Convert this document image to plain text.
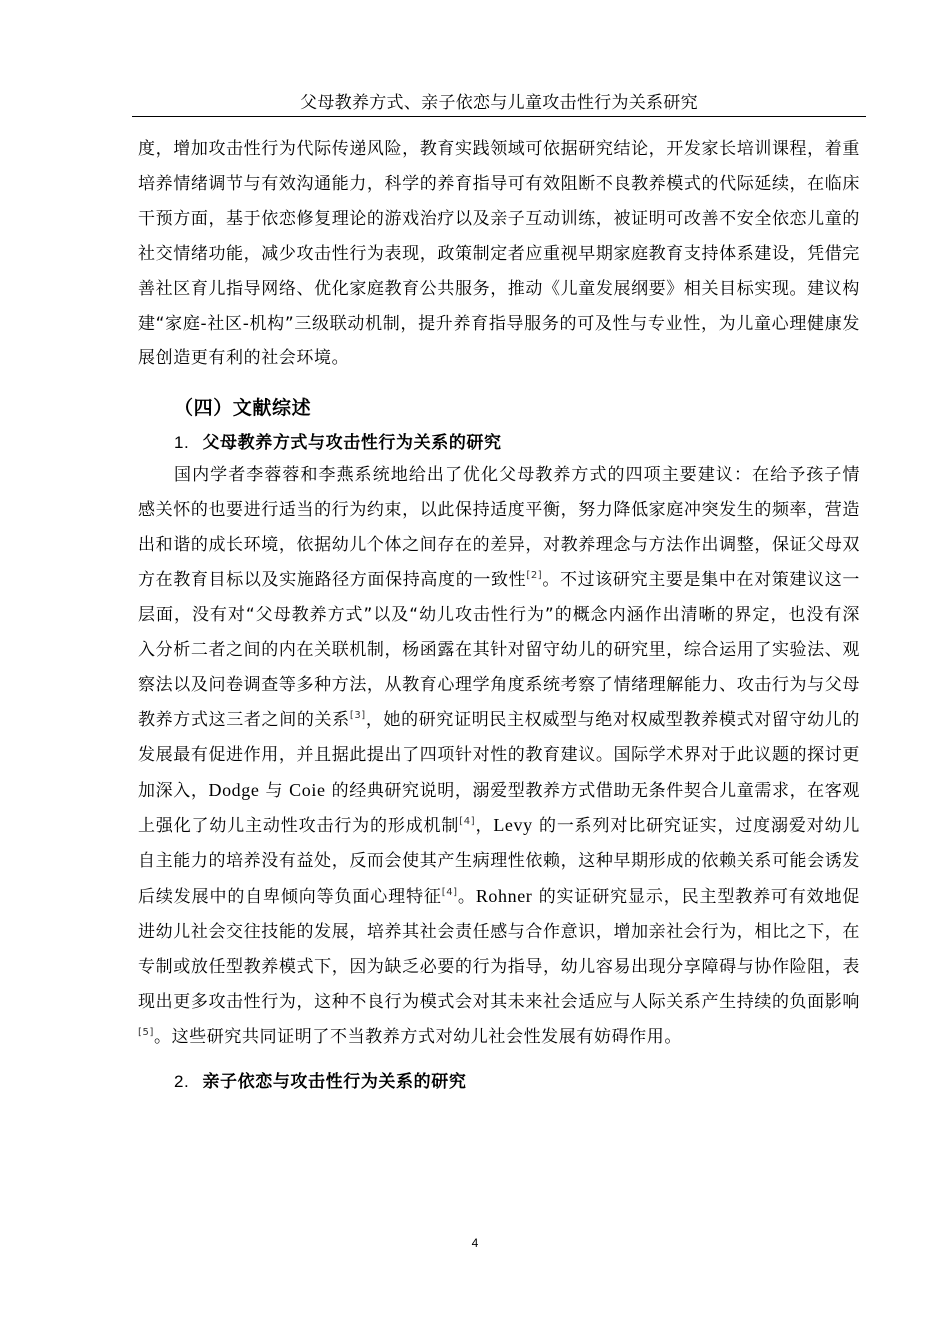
父母教养方式、亲子依恋与儿童攻击性行为关系研究

度，增加攻击性行为代际传递风险，教育实践领域可依据研究结论，开发家长培训课程，着重培养情绪调节与有效沟通能力，科学的养育指导可有效阻断不良教养模式的代际延续，在临床干预方面，基于依恋修复理论的游戏治疗以及亲子互动训练，被证明可改善不安全依恋儿童的社交情绪功能，减少攻击性行为表现，政策制定者应重视早期家庭教育支持体系建设，凭借完善社区育儿指导网络、优化家庭教育公共服务，推动《儿童发展纲要》相关目标实现。建议构建“家庭-社区-机构”三级联动机制，提升养育指导服务的可及性与专业性，为儿童心理健康发展创造更有利的社会环境。

（四）文献综述

1. 父母教养方式与攻击性行为关系的研究

国内学者李蓉蓉和李燕系统地给出了优化父母教养方式的四项主要建议：在给予孩子情感关怀的也要进行适当的行为约束，以此保持适度平衡，努力降低家庭冲突发生的频率，营造出和谐的成长环境，依据幼儿个体之间存在的差异，对教养理念与方法作出调整，保证父母双方在教育目标以及实施路径方面保持高度的一致性[2]。不过该研究主要是集中在对策建议这一层面，没有对“父母教养方式”以及“幼儿攻击性行为”的概念内涵作出清晰的界定，也没有深入分析二者之间的内在关联机制，杨函露在其针对留守幼儿的研究里，综合运用了实验法、观察法以及问卷调查等多种方法，从教育心理学角度系统考察了情绪理解能力、攻击行为与父母教养方式这三者之间的关系[3]，她的研究证明民主权威型与绝对权威型教养模式对留守幼儿的发展最有促进作用，并且据此提出了四项针对性的教育建议。国际学术界对于此议题的探讨更加深入，Dodge 与 Coie 的经典研究说明，溺爱型教养方式借助无条件契合儿童需求，在客观上强化了幼儿主动性攻击行为的形成机制[4]，Levy 的一系列对比研究证实，过度溺爱对幼儿自主能力的培养没有益处，反而会使其产生病理性依赖，这种早期形成的依赖关系可能会诱发后续发展中的自卑倾向等负面心理特征[4]。Rohner 的实证研究显示，民主型教养可有效地促进幼儿社会交往技能的发展，培养其社会责任感与合作意识，增加亲社会行为，相比之下，在专制或放任型教养模式下，因为缺乏必要的行为指导，幼儿容易出现分享障碍与协作险阻，表现出更多攻击性行为，这种不良行为模式会对其未来社会适应与人际关系产生持续的负面影响[5]。这些研究共同证明了不当教养方式对幼儿社会性发展有妨碍作用。

2. 亲子依恋与攻击性行为关系的研究

4
